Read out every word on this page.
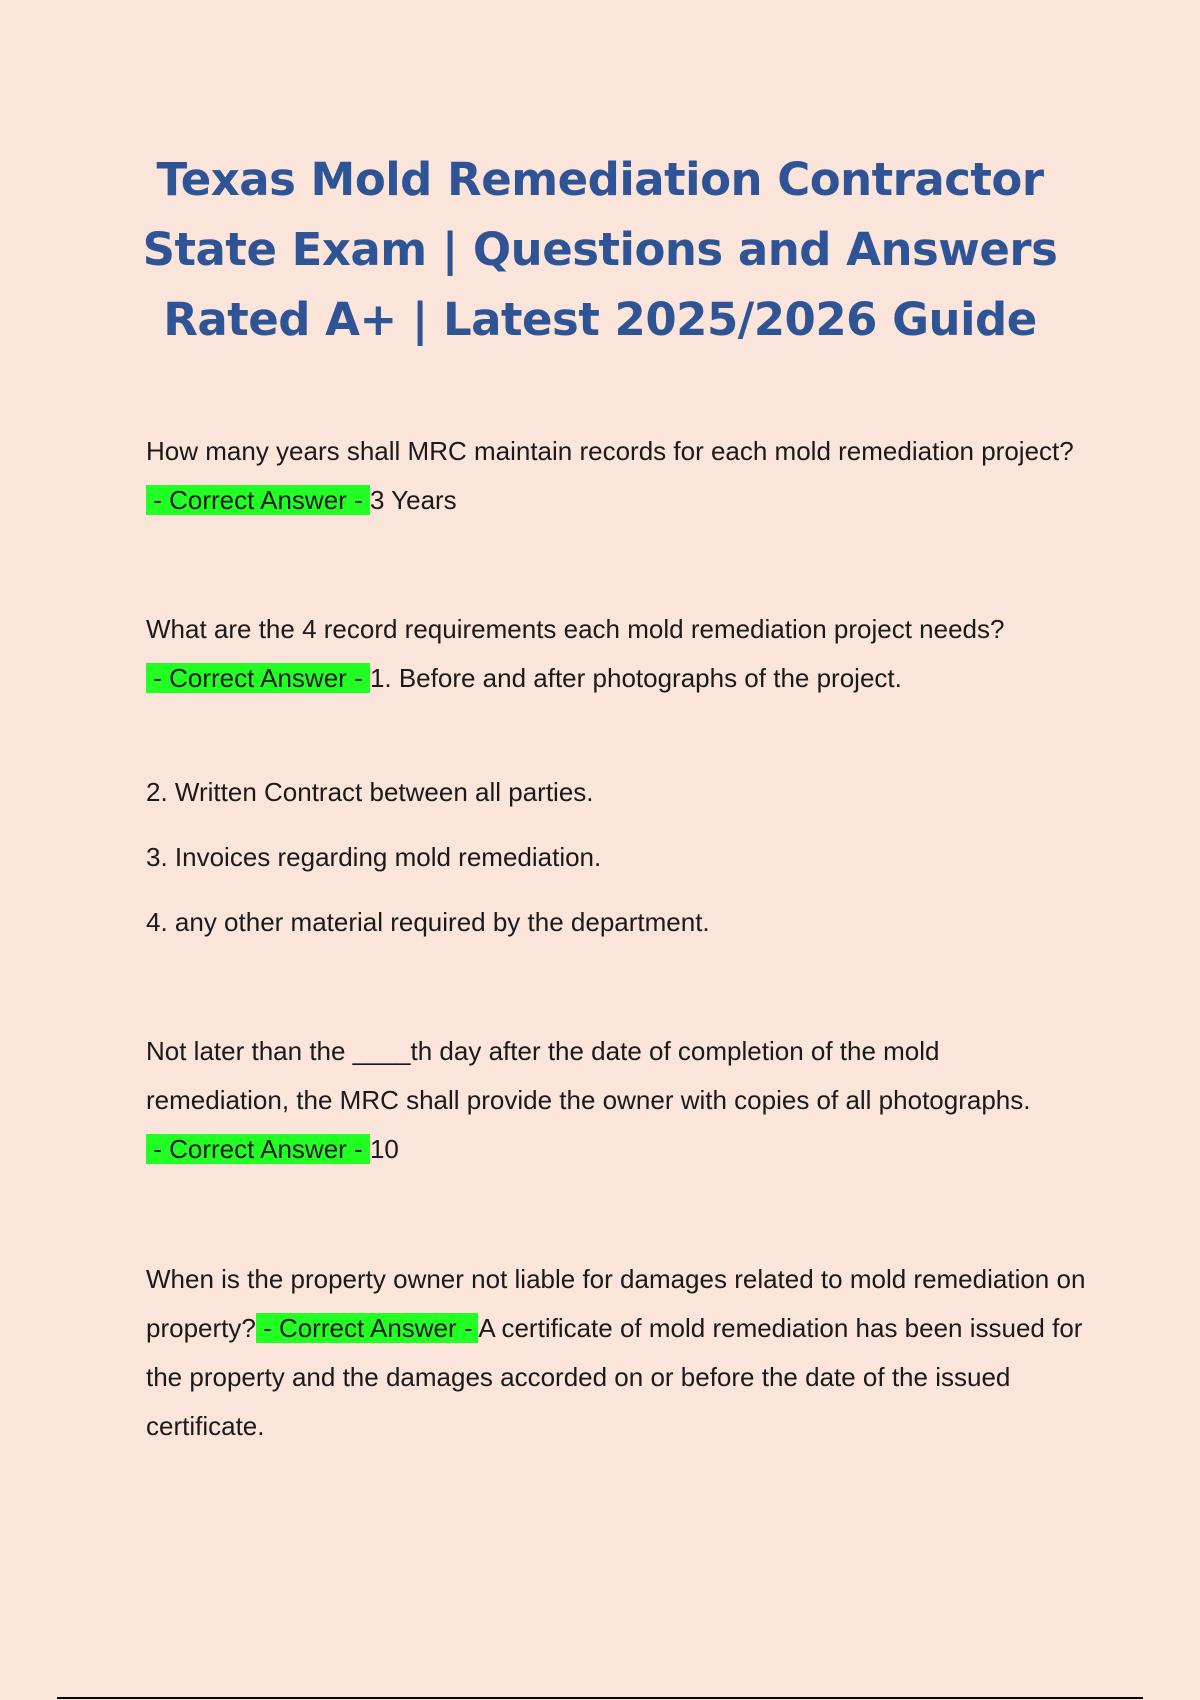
Texas Mold Remediation Contractor
State Exam | Questions and Answers
Rated A+ | Latest 2025/2026 Guide

How many years shall MRC maintain records for each mold remediation project? - Correct Answer - 3 Years

What are the 4 record requirements each mold remediation project needs? - Correct Answer - 1. Before and after photographs of the project.

2. Written Contract between all parties.

3. Invoices regarding mold remediation.

4. any other material required by the department.

Not later than the ____th day after the date of completion of the mold remediation, the MRC shall provide the owner with copies of all photographs. - Correct Answer - 10

When is the property owner not liable for damages related to mold remediation on property? - Correct Answer - A certificate of mold remediation has been issued for the property and the damages accorded on or before the date of the issued certificate.
